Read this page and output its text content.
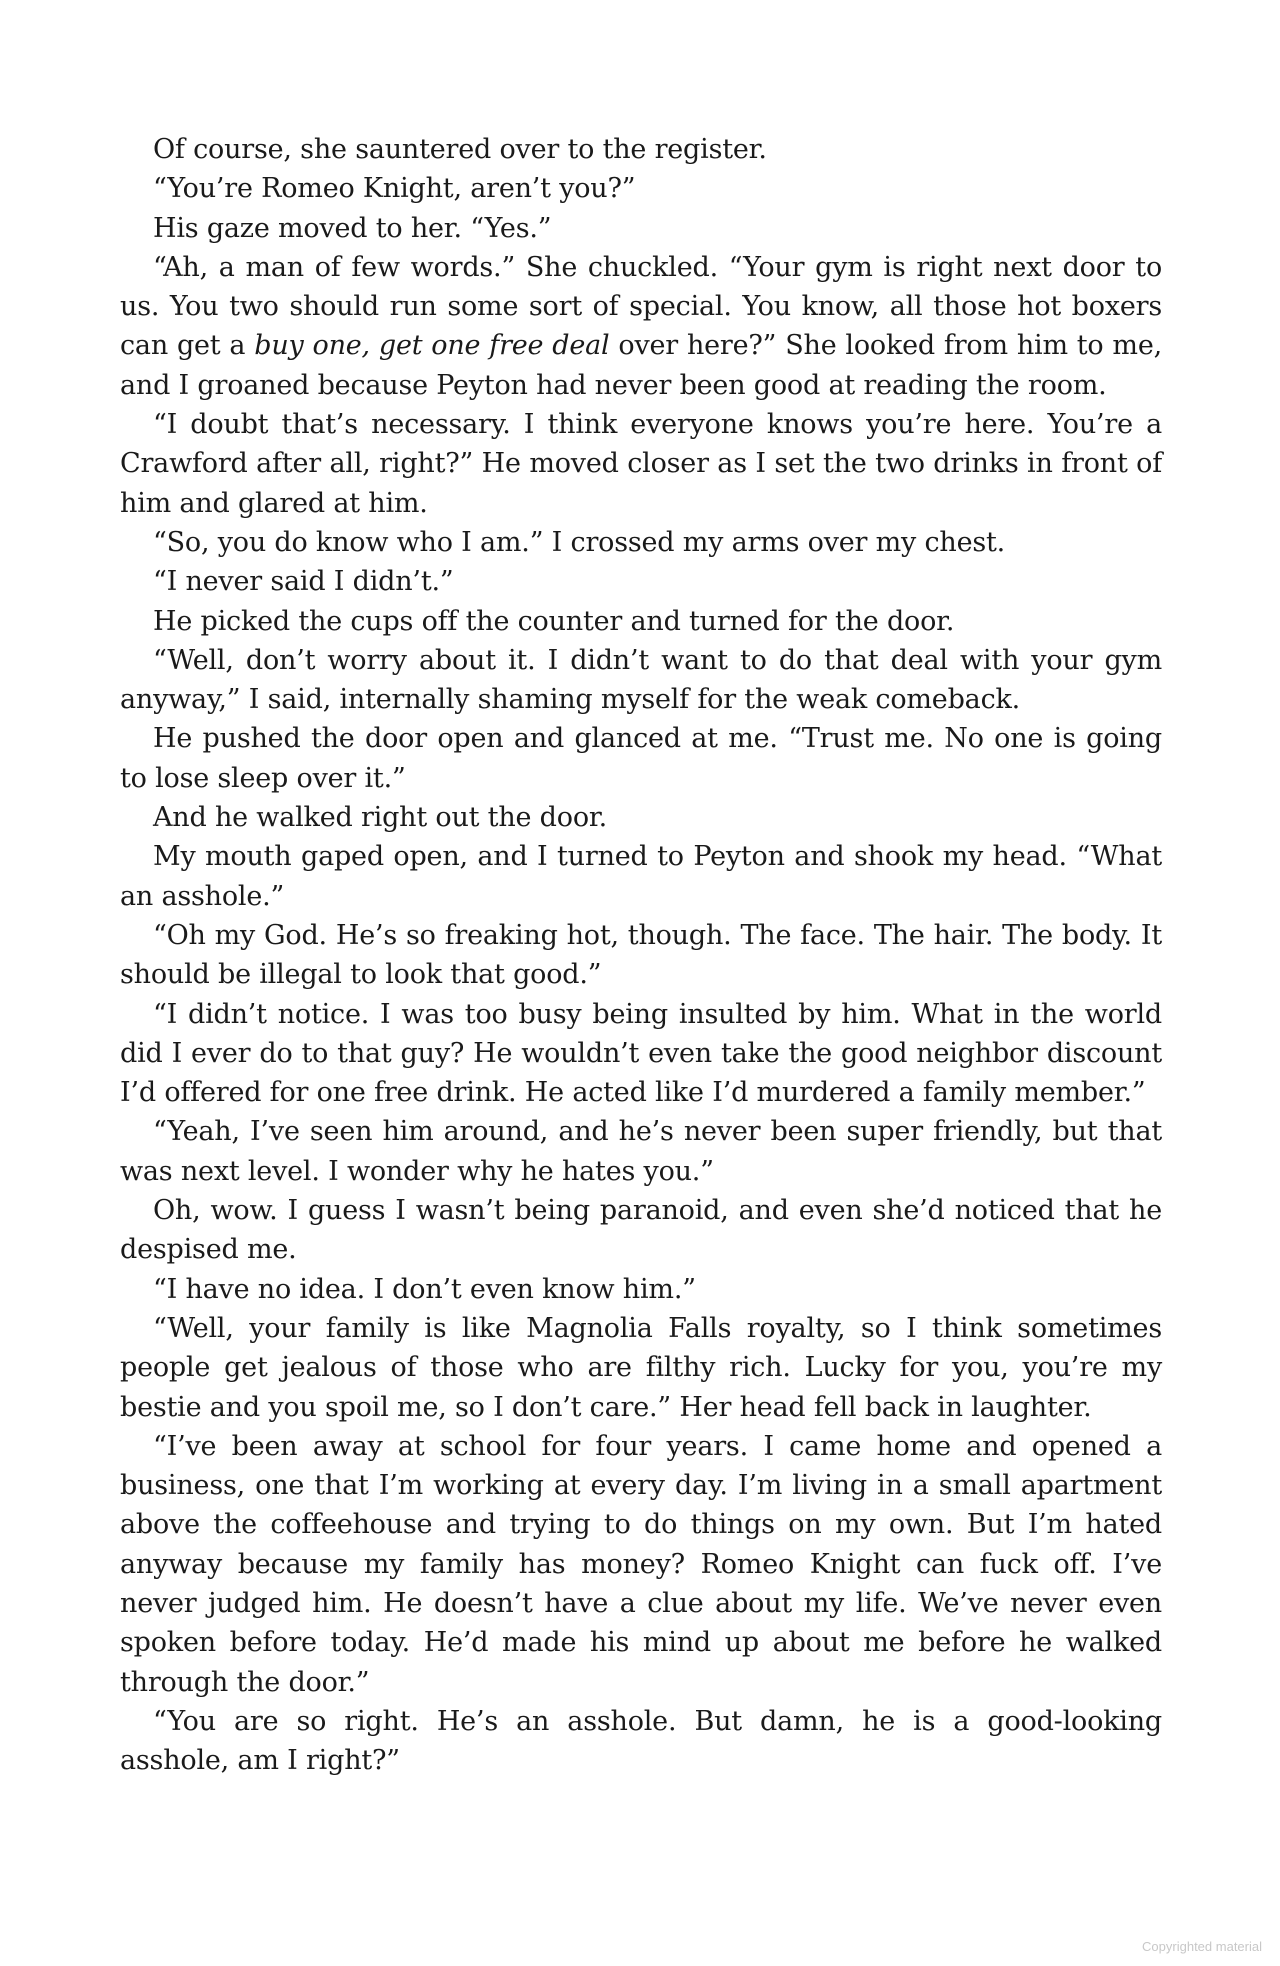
Of course, she sauntered over to the register.

“You’re Romeo Knight, aren’t you?”

His gaze moved to her. “Yes.”

“Ah, a man of few words.” She chuckled. “Your gym is right next door to us. You two should run some sort of special. You know, all those hot boxers can get a buy one, get one free deal over here?” She looked from him to me, and I groaned because Peyton had never been good at reading the room.

“I doubt that’s necessary. I think everyone knows you’re here. You’re a Crawford after all, right?” He moved closer as I set the two drinks in front of him and glared at him.

“So, you do know who I am.” I crossed my arms over my chest.

“I never said I didn’t.”

He picked the cups off the counter and turned for the door.

“Well, don’t worry about it. I didn’t want to do that deal with your gym anyway,” I said, internally shaming myself for the weak comeback.

He pushed the door open and glanced at me. “Trust me. No one is going to lose sleep over it.”

And he walked right out the door.

My mouth gaped open, and I turned to Peyton and shook my head. “What an asshole.”

“Oh my God. He’s so freaking hot, though. The face. The hair. The body. It should be illegal to look that good.”

“I didn’t notice. I was too busy being insulted by him. What in the world did I ever do to that guy? He wouldn’t even take the good neighbor discount I’d offered for one free drink. He acted like I’d murdered a family member.”

“Yeah, I’ve seen him around, and he’s never been super friendly, but that was next level. I wonder why he hates you.”

Oh, wow. I guess I wasn’t being paranoid, and even she’d noticed that he despised me.

“I have no idea. I don’t even know him.”

“Well, your family is like Magnolia Falls royalty, so I think sometimes people get jealous of those who are filthy rich. Lucky for you, you’re my bestie and you spoil me, so I don’t care.” Her head fell back in laughter.

“I’ve been away at school for four years. I came home and opened a business, one that I’m working at every day. I’m living in a small apartment above the coffeehouse and trying to do things on my own. But I’m hated anyway because my family has money? Romeo Knight can fuck off. I’ve never judged him. He doesn’t have a clue about my life. We’ve never even spoken before today. He’d made his mind up about me before he walked through the door.”

“You are so right. He’s an asshole. But damn, he is a good-looking asshole, am I right?”

Copyrighted material
